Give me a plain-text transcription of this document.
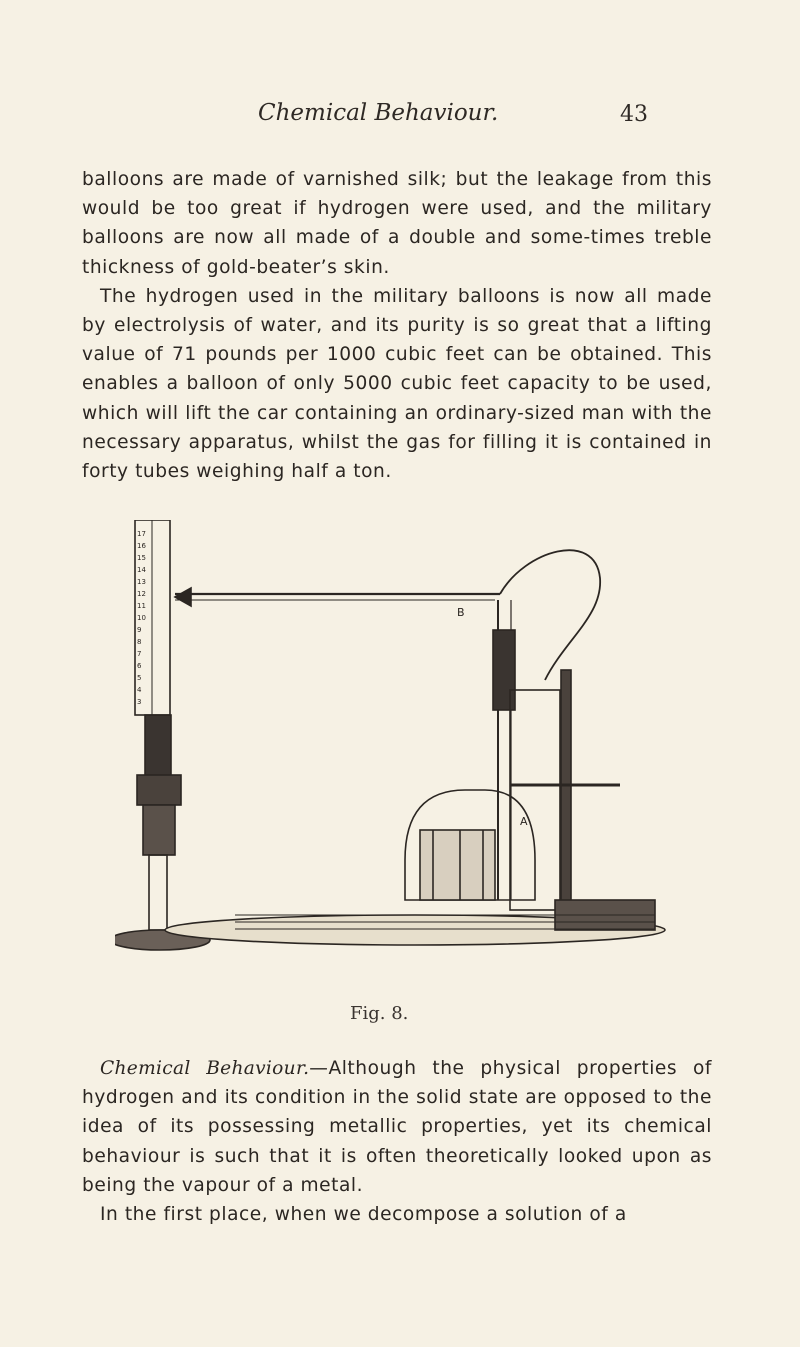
Chemical Behaviour.	43

balloons are made of varnished silk; but the leakage from this would be too great if hydrogen were used, and the military balloons are now all made of a double and some-times treble thickness of gold-beater’s skin.

The hydrogen used in the military balloons is now all made by electrolysis of water, and its purity is so great that a lifting value of 71 pounds per 1000 cubic feet can be obtained. This enables a balloon of only 5000 cubic feet capacity to be used, which will lift the car containing an ordinary-sized man with the necessary apparatus, whilst the gas for filling it is contained in forty tubes weighing half a ton.

17
16
15
14
13
12
11
10
9
8
7
6
5
4
3
B
A
Fig. 8.

Chemical Behaviour.—Although the physical properties of hydrogen and its condition in the solid state are opposed to the idea of its possessing metallic properties, yet its chemical behaviour is such that it is often theoretically looked upon as being the vapour of a metal.

In the first place, when we decompose a solution of a
